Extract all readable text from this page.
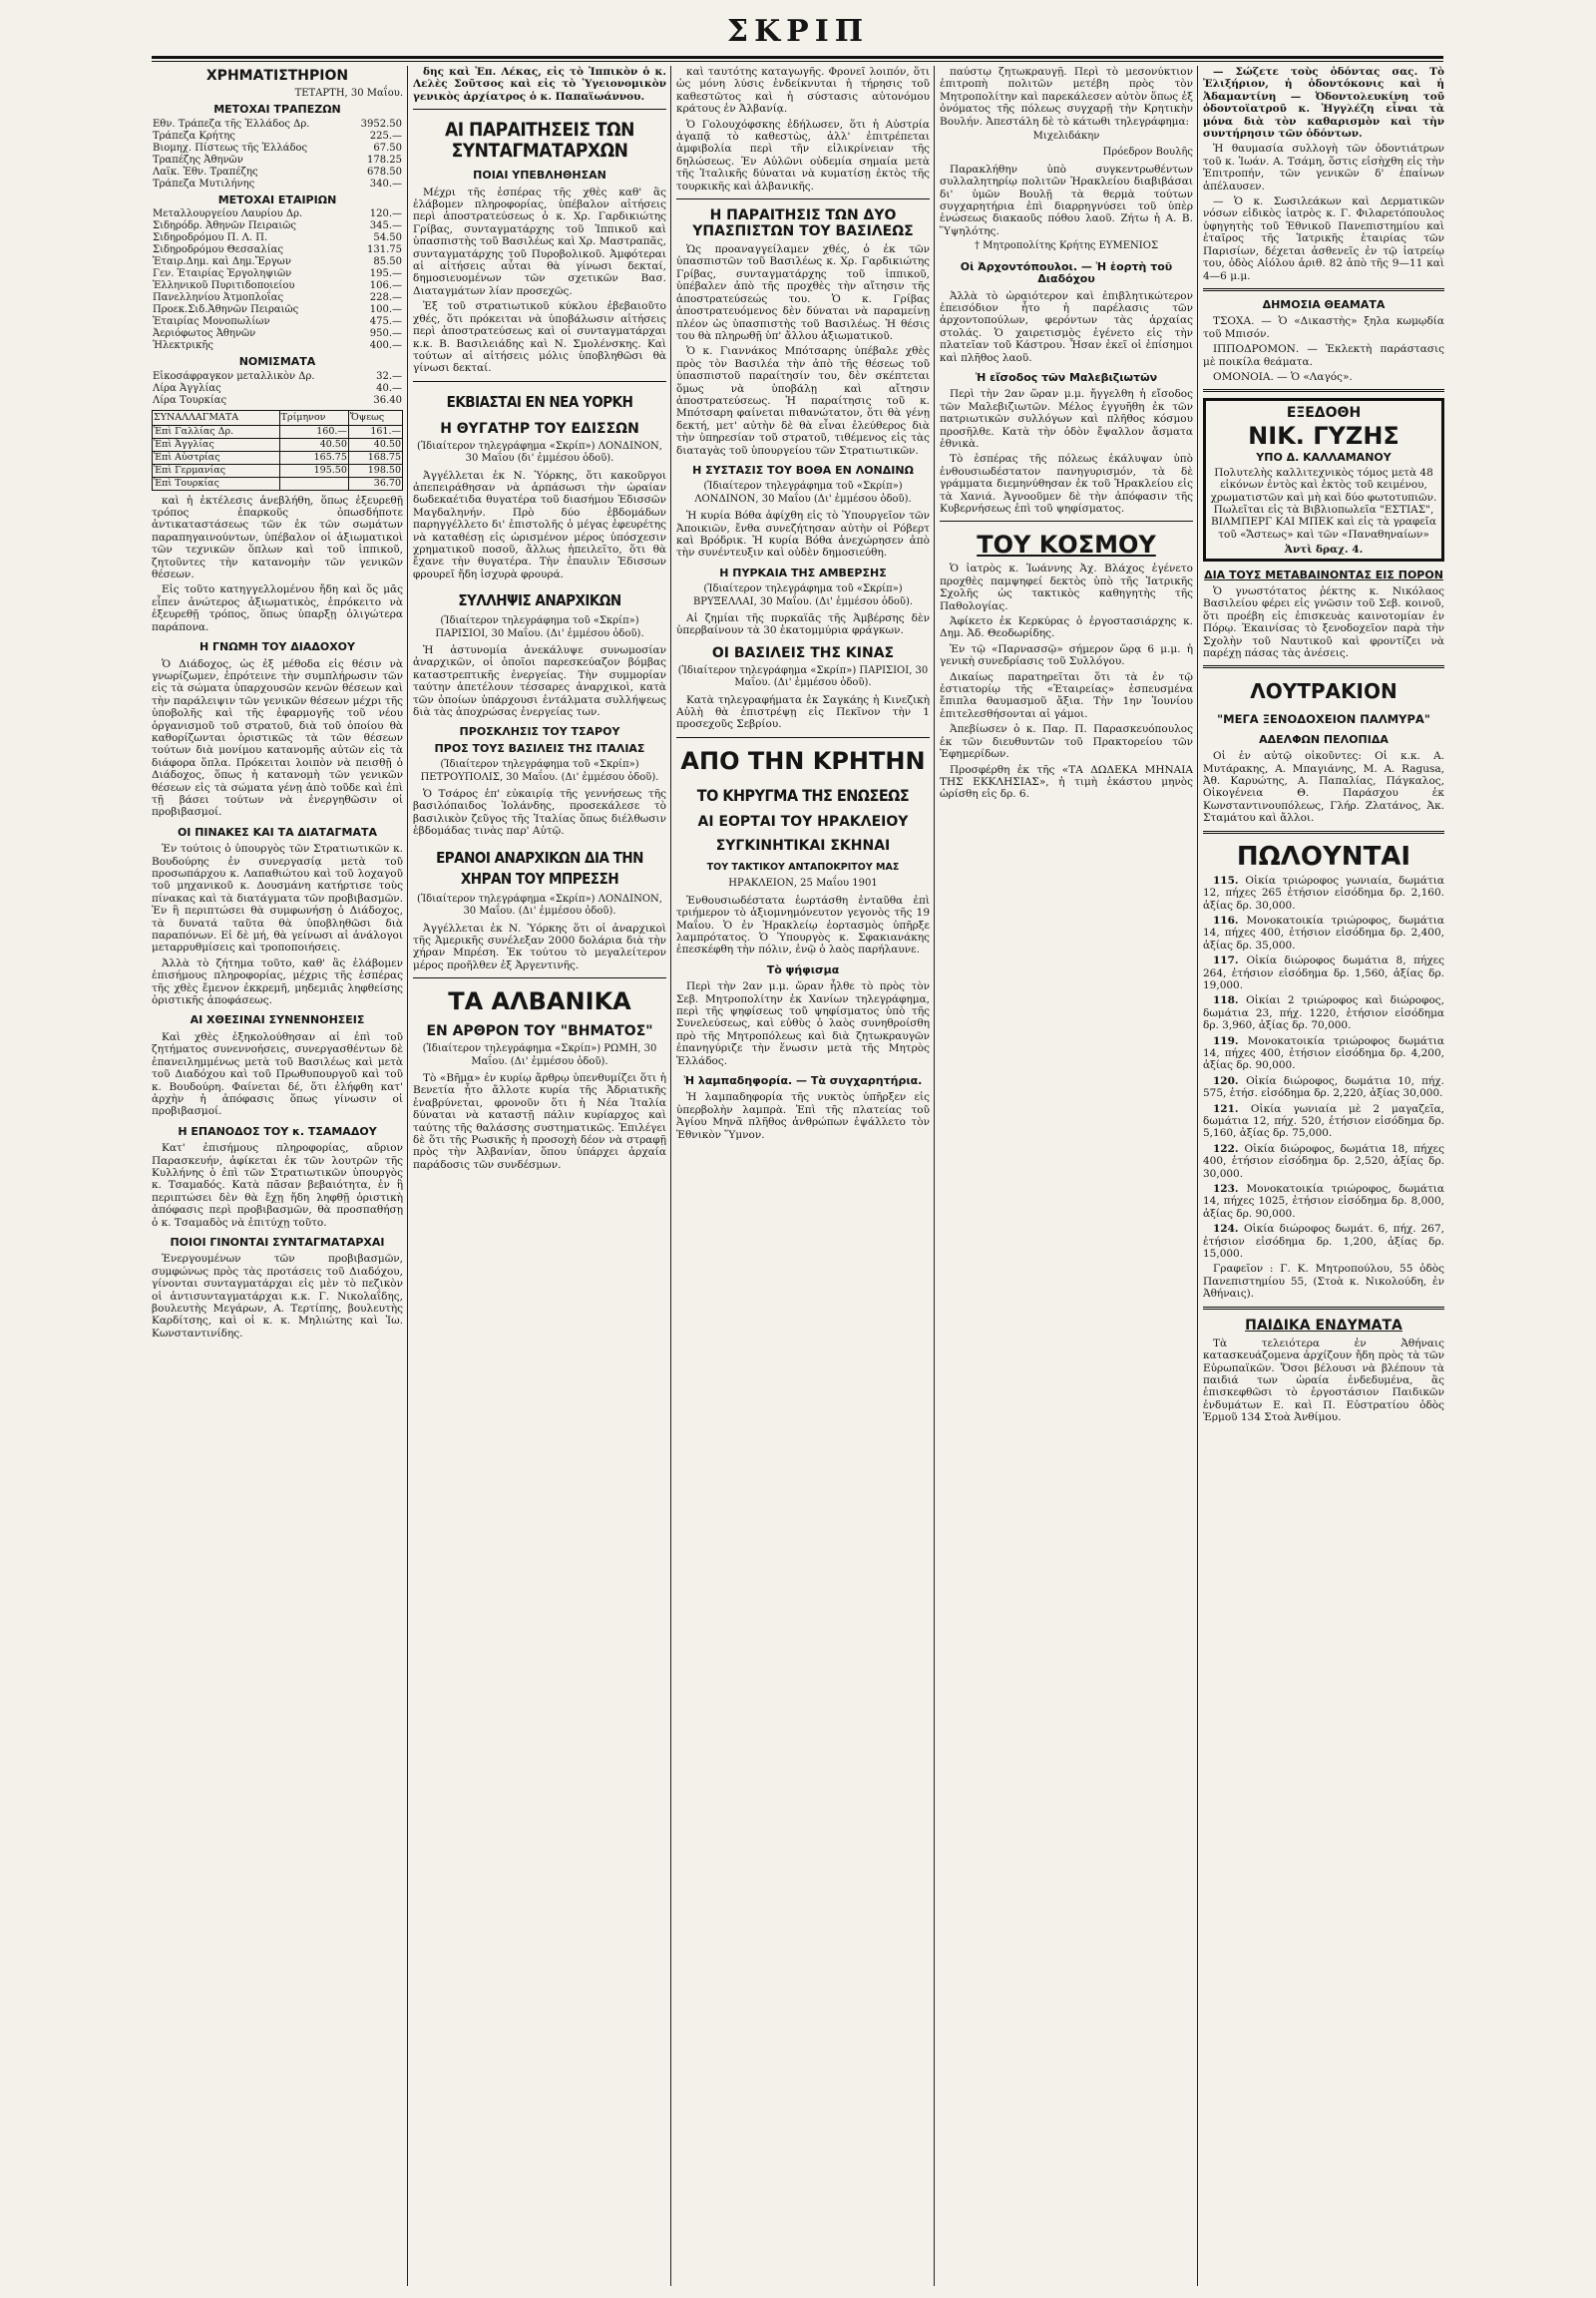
ΣΚΡΙΠ
ΧΡΗΜΑΤΙΣΤΗΡΙΟΝ
ΤΕΤΑΡΤΗ, 30 Μαΐου.
ΜΕΤΟΧΑΙ ΤΡΑΠΕΖΩΝ
Εθν. Τράπεζα τῆς Ἑλλάδος Δρ.	3952.50
Τράπεζα Κρήτης	225.—
Βιομηχ. Πίστεως τῆς Ἑλλάδος	67.50
Τραπέζης Ἀθηνῶν	178.25
Λαϊκ. Ἐθν. Τραπέζης	678.50
Τράπεζα Μυτιλήνης	340.—
ΜΕΤΟΧΑΙ ΕΤΑΙΡΙΩΝ
Μεταλλουργείου Λαυρίου Δρ.	120.—
Σιδηρόδρ. Ἀθηνῶν Πειραιῶς	345.—
Σιδηροδρόμου Π. Λ. Π.	54.50
Σιδηροδρόμου Θεσσαλίας	131.75
Ἑταιρ.Δημ. καὶ Δημ.Ἔργων	85.50
Γεν. Ἑταιρίας Ἐργοληψιῶν	195.—
Ἑλληνικοῦ Πυριτιδοποιείου	106.—
Πανελληνίου Ἀτμοπλοΐας	228.—
Προεκ.Σιδ.Ἀθηνῶν Πειραιῶς	100.—
Ἑταιρίας Μονοπωλίων	475.—
Ἀεριόφωτος Ἀθηνῶν	950.—
Ἠλεκτρικῆς	400.—
ΝΟΜΙΣΜΑΤΑ
Εἰκοσάφραγκον μεταλλικὸν Δρ.	32.—
Λίρα Ἀγγλίας	40.—
Λίρα Τουρκίας	36.40
ΣΥΝΑΛΛΑΓΜΑΤΑ	Τρίμηνον	Ὄψεως
Ἐπὶ Γαλλίας Δρ.	160.—	161.—
Ἐπὶ Ἀγγλίας	40.50	40.50
Ἐπὶ Αὐστρίας	165.75	168.75
Ἐπὶ Γερμανίας	195.50	198.50
Ἐπὶ Τουρκίας		36.70

καὶ ἡ ἐκτέλεσις ἀνεβλήθη, ὅπως ἐξευρεθῇ τρόπος ἐπαρκοῦς ὁπωσδήποτε ἀντικαταστάσεως τῶν ἐκ τῶν σωμάτων παραπηγαινούντων, ὑπέβαλον οἱ ἀξιωματικοὶ τῶν τεχνικῶν ὅπλων καὶ τοῦ ἱππικοῦ, ζητοῦντες τὴν κατανομὴν τῶν γενικῶν θέσεων.

Εἰς τοῦτο κατηγγελλομένου ἤδη καὶ ὅς μᾶς εἶπεν ἀνώτερος ἀξιωματικὸς, ἐπρόκειτο νὰ ἐξευρεθῇ τρόπος, ὅπως ὑπαρξῃ ὀλιγώτερα παράπονα.

Η ΓΝΩΜΗ ΤΟΥ ΔΙΑΔΟΧΟΥ

Ὁ Διάδοχος, ὡς ἐξ μέθοδα εἰς θέσιν νὰ γνωρίζωμεν, ἐπρότεινε τὴν συμπλήρωσιν τῶν εἰς τὰ σώματα ὑπαρχουσῶν κενῶν θέσεων καὶ τὴν παράλειψιν τῶν γενικῶν θέσεων μέχρι τῆς ὑποβολῆς καὶ τῆς ἐφαρμογῆς τοῦ νέου ὀργανισμοῦ τοῦ στρατοῦ, διὰ τοῦ ὁποίου θὰ καθορίζωνται ὁριστικῶς τὰ τῶν θέσεων τούτων διὰ μονίμου κατανομῆς αὐτῶν εἰς τὰ διάφορα ὅπλα. Πρόκειται λοιπὸν νὰ πεισθῇ ὁ Διάδοχος, ὅπως ἡ κατανομὴ τῶν γενικῶν θέσεων εἰς τὰ σώματα γένῃ ἀπὸ τοῦδε καὶ ἐπὶ τῇ βάσει τούτων νὰ ἐνεργηθῶσιν οἱ προβιβασμοί.

ΟΙ ΠΙΝΑΚΕΣ ΚΑΙ ΤΑ ΔΙΑΤΑΓΜΑΤΑ

Ἐν τούτοις ὁ ὑπουργὸς τῶν Στρατιωτικῶν κ. Βουδούρης ἐν συνεργασίᾳ μετὰ τοῦ προσωπάρχου κ. Λαπαθιώτου καὶ τοῦ λοχαγοῦ τοῦ μηχανικοῦ κ. Δουσμάνη κατήρτισε τοὺς πίνακας καὶ τὰ διατάγματα τῶν προβιβασμῶν. Ἐν ἣ περιπτώσει θὰ συμφωνήσῃ ὁ Διάδοχος, τὰ δυνατά ταῦτα θὰ ὑποβληθῶσι διὰ παραπόνων. Εἰ δὲ μή, θὰ γείνωσι αἱ ἀνάλογοι μεταρρυθμίσεις καὶ τροποποιήσεις.

Ἀλλὰ τὸ ζήτημα τοῦτο, καθ' ἃς ἐλάβομεν ἐπισήμους πληροφορίας, μέχρις τῆς ἑσπέρας τῆς χθὲς ἔμενον ἐκκρεμῆ, μηδεμιᾶς ληφθείσης ὁριστικῆς ἀποφάσεως.

ΑΙ ΧΘΕΣΙΝΑΙ ΣΥΝΕΝΝΟΗΣΕΙΣ

Καὶ χθὲς ἐξηκολούθησαν αἱ ἐπὶ τοῦ ζητήματος συνεννοήσεις, συνεργασθέντων δὲ ἐπανειλημμένως μετὰ τοῦ Βασιλέως καὶ μετὰ τοῦ Διαδόχου καὶ τοῦ Πρωθυπουργοῦ καὶ τοῦ κ. Βουδούρη. Φαίνεται δέ, ὅτι ἐλήφθη κατ' ἀρχὴν ἡ ἀπόφασις ὅπως γίνωσιν οἱ προβιβασμοί.

Η ΕΠΑΝΟΔΟΣ ΤΟΥ κ. ΤΣΑΜΑΔΟΥ

Κατ' ἐπισήμους πληροφορίας, αὔριον Παρασκευήν, ἀφίκεται ἐκ τῶν λουτρῶν τῆς Κυλλήνης ὁ ἐπὶ τῶν Στρατιωτικῶν ὑπουργὸς κ. Τσαμαδός. Κατὰ πᾶσαν βεβαιότητα, ἐν ἣ περιπτώσει δὲν θὰ ἔχῃ ἤδη ληφθῇ ὁριστικὴ ἀπόφασις περὶ προβιβασμῶν, θὰ προσπαθήσῃ ὁ κ. Τσαμαδὸς νὰ ἐπιτύχῃ τοῦτο.

ΠΟΙΟΙ ΓΙΝΟΝΤΑΙ ΣΥΝΤΑΓΜΑΤΑΡΧΑΙ

Ἐνεργουμένων τῶν προβιβασμῶν, συμφώνως πρὸς τὰς προτάσεις τοῦ Διαδόχου, γίνονται συνταγματάρχαι εἰς μὲν τὸ πεζικὸν οἱ ἀντισυνταγματάρχαι κ.κ. Γ. Νικολαΐδης, βουλευτὴς Μεγάρων, Α. Τερτίπης, βουλευτὴς Καρδίτσης, καὶ οἱ κ. κ. Μηλιώτης καὶ Ἰω. Κωνσταντινίδης.

δης καὶ Ἐπ. Λέκας, εἰς τὸ Ἱππικὸν ὁ κ. Λελὲς Σοῦτσος καὶ εἰς τὸ Ὑγειονομικὸν γενικὸς ἀρχίατρος ὁ κ. Παπαϊωάννου.

ΑΙ ΠΑΡΑΙΤΗΣΕΙΣ ΤΩΝ ΣΥΝΤΑΓΜΑΤΑΡΧΩΝ
ΠΟΙΑΙ ΥΠΕΒΛΗΘΗΣΑΝ

Μέχρι τῆς ἑσπέρας τῆς χθὲς καθ' ἃς ἐλάβομεν πληροφορίας, ὑπέβαλον αἰτήσεις περὶ ἀποστρατεύσεως ὁ κ. Χρ. Γαρδικιώτης Γρίβας, συνταγματάρχης τοῦ Ἱππικοῦ καὶ ὑπασπιστὴς τοῦ Βασιλέως καὶ Χρ. Μαστραπᾶς, συνταγματάρχης τοῦ Πυροβολικοῦ. Ἀμφότεραι αἱ αἰτήσεις αὗται θὰ γίνωσι δεκταί, δημοσιευομένων τῶν σχετικῶν Βασ. Διαταγμάτων λίαν προσεχῶς.

Ἐξ τοῦ στρατιωτικοῦ κύκλου ἐβεβαιοῦτο χθές, ὅτι πρόκειται νὰ ὑποβάλωσιν αἰτήσεις περὶ ἀποστρατεύσεως καὶ οἱ συνταγματάρχαι κ.κ. Β. Βασιλειάδης καὶ Ν. Σμολένσκης. Καὶ τούτων αἱ αἰτήσεις μόλις ὑποβληθῶσι θὰ γίνωσι δεκταί.

ΕΚΒΙΑΣΤΑΙ ΕΝ ΝΕΑ ΥΟΡΚΗ
Η ΘΥΓΑΤΗΡ ΤΟΥ ΕΔΙΣΣΩΝ
(Ἰδιαίτερον τηλεγράφημα «Σκρίπ») ΛΟΝΔΙΝΟΝ, 30 Μαΐου (δι' ἐμμέσου ὁδοῦ).

Ἀγγέλλεται ἐκ Ν. Ὑόρκης, ὅτι κακοῦργοι ἀπεπειράθησαν νὰ ἁρπάσωσι τὴν ὡραίαν δωδεκαέτιδα θυγατέρα τοῦ διασήμου Ἐδισσῶν Μαγδαληνήν. Πρὸ δύο ἑβδομάδων παρηγγέλλετο δι' ἐπιστολῆς ὁ μέγας ἐφευρέτης νὰ καταθέσῃ εἰς ὡρισμένον μέρος ὑπόσχεσιν χρηματικοῦ ποσοῦ, ἄλλως ἠπειλεῖτο, ὅτι θὰ ἔχανε τὴν θυγατέρα. Τὴν ἐπαυλιν Ἐδισσων φρουρεῖ ἤδη ἰσχυρὰ φρουρά.

ΣΥΛΛΗΨΙΣ ΑΝΑΡΧΙΚΩΝ
(Ἰδιαίτερον τηλεγράφημα τοῦ «Σκρίπ») ΠΑΡΙΣΙΟΙ, 30 Μαΐου. (Δι' ἐμμέσου ὁδοῦ).

Ἡ ἀστυνομία ἀνεκάλυψε συνωμοσίαν ἀναρχικῶν, οἱ ὁποῖοι παρεσκεύαζον βόμβας καταστρεπτικῆς ἐνεργείας. Τὴν συμμορίαν ταύτην ἀπετέλουν τέσσαρες ἀναρχικοὶ, κατὰ τῶν ὁποίων ὑπάρχουσι ἐντάλματα συλλήψεως διὰ τὰς ἀποχρώσας ἐνεργείας των.

ΠΡΟΣΚΛΗΣΙΣ ΤΟΥ ΤΣΑΡΟΥ
ΠΡΟΣ ΤΟΥΣ ΒΑΣΙΛΕΙΣ ΤΗΣ ΙΤΑΛΙΑΣ
(Ἰδιαίτερον τηλεγράφημα τοῦ «Σκρίπ») ΠΕΤΡΟΥΠΟΛΙΣ, 30 Μαΐου. (Δι' ἐμμέσου ὁδοῦ).

Ὁ Τσάρος ἐπ' εὐκαιρίᾳ τῆς γεννήσεως τῆς βασιλόπαιδος Ἰολάνδης, προσεκάλεσε τὸ βασιλικὸν ζεῦγος τῆς Ἰταλίας ὅπως διέλθωσιν ἑβδομάδας τινὰς παρ' Αὐτῷ.

ΕΡΑΝΟΙ ΑΝΑΡΧΙΚΩΝ ΔΙΑ ΤΗΝ ΧΗΡΑΝ ΤΟΥ ΜΠΡΕΣΣΗ
(Ἰδιαίτερον τηλεγράφημα «Σκρίπ») ΛΟΝΔΙΝΟΝ, 30 Μαΐου. (Δι' ἐμμέσου ὁδοῦ).

Ἀγγέλλεται ἐκ Ν. Ὑόρκης ὅτι οἱ ἀναρχικοὶ τῆς Ἀμερικῆς συνέλεξαν 2000 δολάρια διὰ τὴν χήραν Μπρέση. Ἐκ τούτου τὸ μεγαλείτερον μέρος προῆλθεν ἐξ Ἀργεντινῆς.

ΤΑ ΑΛΒΑΝΙΚΑ
ΕΝ ΑΡΘΡΟΝ ΤΟΥ "ΒΗΜΑΤΟΣ"
(Ἰδιαίτερον τηλεγράφημα «Σκρίπ») ΡΩΜΗ, 30 Μαΐου. (Δι' ἐμμέσου ὁδοῦ).

Τὸ «Βῆμα» ἐν κυρίῳ ἄρθρῳ ὑπενθυμίζει ὅτι ἡ Βενετία ἦτο ἄλλοτε κυρία τῆς Ἀδριατικῆς ἐναβρύνεται, φρονοῦν ὅτι ἡ Νέα Ἰταλία δύναται νὰ καταστῇ πάλιν κυρίαρχος καὶ ταύτης τῆς θαλάσσης συστηματικῶς. Ἐπιλέγει δὲ ὅτι τῆς Ρωσικῆς ἡ προσοχὴ δέον νὰ στραφῇ πρὸς τὴν Ἀλβανίαν, ὅπου ὑπάρχει ἀρχαία παράδοσις τῶν συνδέσμων.

καὶ ταυτότης καταγωγῆς. Φρονεῖ λοιπόν, ὅτι ὡς μόνη λύσις ἐνδείκνυται ἡ τήρησις τοῦ καθεστῶτος καὶ ἡ σύστασις αὐτονόμου κράτους ἐν Ἀλβανίᾳ.

Ὁ Γολουχόφσκης ἐδήλωσεν, ὅτι ἡ Αὐστρία ἀγαπᾷ τὸ καθεστὼς, ἀλλ' ἐπιτρέπεται ἀμφιβολία περὶ τῆν εἰλικρίνειαν τῆς δηλώσεως. Ἐν Αὐλῶνι οὐδεμία σημαία μετὰ τῆς Ἰταλικῆς δύναται νὰ κυματίσῃ ἐκτὸς τῆς τουρκικῆς καὶ ἀλβανικῆς.

Η ΠΑΡΑΙΤΗΣΙΣ ΤΩΝ ΔΥΟ ΥΠΑΣΠΙΣΤΩΝ ΤΟΥ ΒΑΣΙΛΕΩΣ

Ὡς προαναγγείλαμεν χθές, ὁ ἐκ τῶν ὑπασπιστῶν τοῦ Βασιλέως κ. Χρ. Γαρδικιώτης Γρίβας, συνταγματάρχης τοῦ ἱππικοῦ, ὑπέβαλεν ἀπὸ τῆς προχθὲς τὴν αἴτησιν τῆς ἀποστρατεύσεώς του. Ὁ κ. Γρίβας ἀποστρατευόμενος δὲν δύναται νὰ παραμείνῃ πλέον ὡς ὑπασπιστὴς τοῦ Βασιλέως. Ἡ θέσις του θὰ πληρωθῇ ὑπ' ἄλλου ἀξιωματικοῦ.

Ὁ κ. Γιαννάκος Μπότσαρης ὑπέβαλε χθὲς πρὸς τὸν Βασιλέα τὴν ἀπὸ τῆς θέσεως τοῦ ὑπασπιστοῦ παραίτησίν του, δὲν σκέπτεται ὅμως νὰ ὑποβάλῃ καὶ αἴτησιν ἀποστρατεύσεως. Ἡ παραίτησις τοῦ κ. Μπότσαρη φαίνεται πιθανώτατον, ὅτι θὰ γένῃ δεκτή, μετ' αὐτὴν δὲ θὰ εἶναι ἐλεύθερος διὰ τὴν ὑπηρεσίαν τοῦ στρατοῦ, τιθέμενος εἰς τὰς διαταγὰς τοῦ ὑπουργείου τῶν Στρατιωτικῶν.

Η ΣΥΣΤΑΣΙΣ ΤΟΥ ΒΟΘΑ ΕΝ ΛΟΝΔΙΝΩ
(Ἰδιαίτερον τηλεγράφημα τοῦ «Σκρίπ») ΛΟΝΔΙΝΟΝ, 30 Μαΐου (Δι' ἐμμέσου ὁδοῦ).

Ἡ κυρία Βόθα ἀφίχθη εἰς τὸ Ὑπουργεῖον τῶν Ἀποικιῶν, ἔνθα συνεζήτησαν αὐτὴν οἱ Ρόβερτ καὶ Βρόδρικ. Ἡ κυρία Βόθα ἀνεχώρησεν ἀπὸ τὴν συνέντευξιν καὶ οὐδὲν δημοσιεύθη.

Η ΠΥΡΚΑΙΑ ΤΗΣ ΑΜΒΕΡΣΗΣ
(Ἰδιαίτερον τηλεγράφημα τοῦ «Σκρίπ») ΒΡΥΞΕΛΛΑΙ, 30 Μαΐου. (Δι' ἐμμέσου ὁδοῦ).

Αἱ ζημίαι τῆς πυρκαϊᾶς τῆς Ἀμβέρσης δὲν ὑπερβαίνουν τὰ 30 ἑκατομμύρια φράγκων.

ΟΙ ΒΑΣΙΛΕΙΣ ΤΗΣ ΚΙΝΑΣ
(Ἰδιαίτερον τηλεγράφημα «Σκρίπ») ΠΑΡΙΣΙΟΙ, 30 Μαΐου. (Δι' ἐμμέσου ὁδοῦ).

Κατὰ τηλεγραφήματα ἐκ Σαγκάης ἡ Κινεζικὴ Αὐλὴ θὰ ἐπιστρέψῃ εἰς Πεκῖνον τὴν 1 προσεχοῦς Σεβρίου.

ΑΠΟ ΤΗΝ ΚΡΗΤΗΝ
ΤΟ ΚΗΡΥΓΜΑ ΤΗΣ ΕΝΩΣΕΩΣ
ΑΙ ΕΟΡΤΑΙ ΤΟΥ ΗΡΑΚΛΕΙΟΥ
ΣΥΓΚΙΝΗΤΙΚΑΙ ΣΚΗΝΑΙ
ΤΟΥ ΤΑΚΤΙΚΟΥ ΑΝΤΑΠΟΚΡΙΤΟΥ ΜΑΣ
ΗΡΑΚΛΕΙΟΝ, 25 Μαΐου 1901

Ἐνθουσιωδέστατα ἑωρτάσθη ἐνταῦθα ἐπὶ τριήμερον τὸ ἀξιομνημόνευτον γεγονὸς τῆς 19 Μαΐου. Ὁ ἐν Ἡρακλείῳ ἐορτασμὸς ὑπῆρξε λαμπρότατος. Ὁ Ὑπουργὸς κ. Σφακιανάκης ἐπεσκέφθη τὴν πόλιν, ἐνῷ ὁ λαὸς παρήλαυνε.

Τὸ ψήφισμα

Περὶ τὴν 2αν μ.μ. ὥραν ἦλθε τὸ πρὸς τὸν Σεβ. Μητροπολίτην ἐκ Χανίων τηλεγράφημα, περὶ τῆς ψηφίσεως τοῦ ψηφίσματος ὑπὸ τῆς Συνελεύσεως, καὶ εὐθὺς ὁ λαὸς συνηθροίσθη πρὸ τῆς Μητροπόλεως καὶ διὰ ζητωκραυγῶν ἐπανηγύριζε τὴν ἕνωσιν μετὰ τῆς Μητρὸς Ἑλλάδος.

Ἡ λαμπαδηφορία. — Τὰ συγχαρητήρια.

Ἡ λαμπαδηφορία τῆς νυκτὸς ὑπῆρξεν εἰς ὑπερβολὴν λαμπρὰ. Ἐπὶ τῆς πλατείας τοῦ Ἁγίου Μηνᾶ πλῆθος ἀνθρώπων ἐψάλλετο τὸν Ἐθνικὸν Ὕμνον.

παύστῳ ζητωκραυγῇ. Περὶ τὸ μεσονύκτιον ἐπιτροπὴ πολιτῶν μετέβη πρὸς τὸν Μητροπολίτην καὶ παρεκάλεσεν αὐτὸν ὅπως ἐξ ὀνόματος τῆς πόλεως συγχαρῇ τὴν Κρητικὴν Βουλήν. Ἀπεστάλη δὲ τὸ κάτωθι τηλεγράφημα:

Μιχελιδάκην
Πρόεδρον Βουλῆς

Παρακλήθην ὑπὸ συγκεντρωθέντων συλλαλητηρίῳ πολιτῶν Ἡρακλείου διαβιβάσαι δι' ὑμῶν Βουλῇ τὰ θερμὰ τούτων συγχαρητήρια ἐπὶ διαρρηγνύσει τοῦ ὑπὲρ ἑνώσεως διακαοῦς πόθου λαοῦ. Ζήτω ἡ Α. Β. Ὕψηλότης.

† Μητροπολίτης Κρήτης ΕΥΜΕΝΙΟΣ
Οἱ Ἀρχοντόπουλοι. — Ἡ ἑορτὴ τοῦ Διαδόχου

Ἀλλὰ τὸ ὡραιότερον καὶ ἐπιβλητικώτερον ἐπεισόδιον ἦτο ἡ παρέλασις τῶν ἀρχοντοπούλων, φερόντων τὰς ἀρχαίας στολάς. Ὁ χαιρετισμὸς ἐγένετο εἰς τὴν πλατεῖαν τοῦ Κάστρου. Ἦσαν ἐκεῖ οἱ ἐπίσημοι καὶ πλῆθος λαοῦ.

Ἡ εἴσοδος τῶν Μαλεβιζιωτῶν

Περὶ τὴν 2αν ὥραν μ.μ. ἤγγελθη ἡ εἴσοδος τῶν Μαλεβιζιωτῶν. Μέλος ἐγγυῆθη ἐκ τῶν πατριωτικῶν συλλόγων καὶ πλῆθος κόσμου προσῆλθε. Κατὰ τὴν ὀδὸν ἔψαλλον ἄσματα ἐθνικὰ.

Τὸ ἑσπέρας τῆς πόλεως ἐκάλυψαν ὑπὸ ἐνθουσιωδέστατον πανηγυρισμόν, τὰ δὲ γράμματα διεμηνύθησαν ἐκ τοῦ Ἡρακλείου εἰς τὰ Χανιά. Ἀγνοοῦμεν δὲ τὴν ἀπόφασιν τῆς Κυβερνήσεως ἐπὶ τοῦ ψηφίσματος.

ΤΟΥ ΚΟΣΜΟΥ

Ὁ ἰατρὸς κ. Ἰωάννης Ἀχ. Βλάχος ἐγένετο προχθὲς παμψηφεί δεκτὸς ὑπὸ τῆς Ἰατρικῆς Σχολῆς ὡς τακτικὸς καθηγητὴς τῆς Παθολογίας.

Ἀφίκετο ἐκ Κερκύρας ὁ ἐργοστασιάρχης κ. Δημ. Ἀδ. Θεοδωρίδης.

Ἐν τῷ «Παρνασσῷ» σήμερον ὥρᾳ 6 μ.μ. ἡ γενικὴ συνεδρίασις τοῦ Συλλόγου.

Δικαίως παρατηρεῖται ὅτι τὰ ἐν τῷ ἐστιατορίῳ τῆς «Ἑταιρείας» ἐσπευσμένα ἔπιπλα θαυμασμοῦ ἄξια. Τὴν 1ην Ἰουνίου ἐπιτελεσθήσονται αἱ γάμοι.

Ἀπεβίωσεν ὁ κ. Παρ. Π. Παρασκευόπουλος ἐκ τῶν διευθυντῶν τοῦ Πρακτορείου τῶν Ἐφημερίδων.

Προσφέρθη ἐκ τῆς «ΤΑ ΔΩΔΕΚΑ ΜΗΝΑΙΑ ΤΗΣ ΕΚΚΛΗΣΙΑΣ», ἡ τιμὴ ἑκάστου μηνὸς ὡρίσθη εἰς δρ. 6.

— Σώζετε τοὺς ὀδόντας σας. Τὸ Ἐλιξήριον, ἡ ὀδοντόκονις καὶ ἡ Ἀδαμαντίνη — Ὀδοντολευκίνη τοῦ ὀδοντοϊατροῦ κ. Ἠγγλέζη εἶναι τὰ μόνα διὰ τὸν καθαρισμὸν καὶ τὴν συντήρησιν τῶν ὀδόντων.

Ἡ θαυμασία συλλογὴ τῶν ὀδοντιάτρων τοῦ κ. Ἰωάν. Α. Τσάμη, ὅστις εἰσὴχθη εἰς τὴν Ἐπιτροπήν, τῶν γενικῶν δ' ἐπαίνων ἀπέλαυσεν.

— Ὁ κ. Σωσιλεάκων καὶ Δερματικῶν νόσων εἰδικὸς ἰατρὸς κ. Γ. Φιλαρετόπουλος ὑφηγητὴς τοῦ Ἐθνικοῦ Πανεπιστημίου καὶ ἑταῖρος τῆς Ἰατρικῆς ἑταιρίας τῶν Παρισίων, δέχεται ἀσθενεῖς ἐν τῷ ἰατρείῳ του, ὁδὸς Αἰόλου ἀριθ. 82 ἀπὸ τῆς 9—11 καὶ 4—6 μ.μ.

ΔΗΜΟΣΙΑ ΘΕΑΜΑΤΑ

ΤΣΟΧΑ. — Ὁ «Δικαστὴς» ξηλα κωμῳδία τοῦ Μπισόν.

ΙΠΠΟΔΡΟΜΟΝ. — Ἐκλεκτὴ παράστασις μὲ ποικίλα θεάματα.

ΟΜΟΝΟΙΑ. — Ὁ «Λαγός».

ΕΞΕΔΟΘΗ
ΝΙΚ. ΓΥΖΗΣ
ΥΠΟ Δ. ΚΑΛΛΑΜΑΝΟΥ

Πολυτελὴς καλλιτεχνικὸς τόμος μετὰ 48 εἰκόνων ἐντὸς καὶ ἐκτὸς τοῦ κειμένου, χρωματιστῶν καὶ μὴ καὶ δύο φωτοτυπιῶν. Πωλεῖται εἰς τὰ Βιβλιοπωλεῖα "ΕΣΤΙΑΣ", ΒΙΛΜΠΕΡΓ ΚΑΙ ΜΠΕΚ καὶ εἰς τὰ γραφεῖα τοῦ «Ἄστεως» καὶ τῶν «Παναθηναίων»

Ἀντὶ δραχ. 4.
ΔΙΑ ΤΟΥΣ ΜΕΤΑΒΑΙΝΟΝΤΑΣ ΕΙΣ ΠΟΡΟΝ

Ὁ γνωστότατος ῥέκτης κ. Νικόλαος Βασιλείου φέρει εἰς γνῶσιν τοῦ Σεβ. κοινοῦ, ὅτι προέβη εἰς ἐπισκευὰς καινοτομίαν ἐν Πόρῳ. Ἐκαινίσας τὸ ξενοδοχεῖον παρὰ τὴν Σχολὴν τοῦ Ναυτικοῦ καὶ φροντίζει νὰ παρέχῃ πάσας τὰς ἀνέσεις.

ΛΟΥΤΡΑΚΙΟΝ
"ΜΕΓΑ ΞΕΝΟΔΟΧΕΙΟΝ ΠΑΛΜΥΡΑ"
ΑΔΕΛΦΩΝ ΠΕΛΟΠΙΔΑ

Οἱ ἐν αὐτῷ οἰκοῦντες: Οἱ κ.κ. Α. Μυτάρακης, Α. Μπαγιάνης, Μ. Α. Ragusa, Ἀθ. Καρυώτης, Α. Παπαλίας, Πάγκαλος, Οἰκογένεια Θ. Παράσχου ἐκ Κωνσταντινουπόλεως, Γλήρ. Ζλατάνος, Ἀκ. Σταμάτου καὶ ἄλλοι.

ΠΩΛΟΥΝΤΑΙ

115. Οἰκία τριώροφος γωνιαία, δωμάτια 12, πήχες 265 ἐτήσιον εἰσόδημα δρ. 2,160. ἀξίας δρ. 30,000.

116. Μονοκατοικία τριώροφος, δωμάτια 14, πήχες 400, ἐτήσιον εἰσόδημα δρ. 2,400, ἀξίας δρ. 35,000.

117. Οἰκία διώροφος δωμάτια 8, πήχες 264, ἐτήσιον εἰσόδημα δρ. 1,560, ἀξίας δρ. 19,000.

118. Οἰκίαι 2 τριώροφος καὶ διώροφος, δωμάτια 23, πήχ. 1220, ἐτήσιον εἰσόδημα δρ. 3,960, ἀξίας δρ. 70,000.

119. Μονοκατοικία τριώροφος δωμάτια 14, πήχες 400, ἐτήσιον εἰσόδημα δρ. 4,200, ἀξίας δρ. 90,000.

120. Οἰκία διώροφος, δωμάτια 10, πήχ. 575, ἐτήσ. εἰσόδημα δρ. 2,220, ἀξίας 30,000.

121. Οἰκία γωνιαία μὲ 2 μαγαζεῖα, δωμάτια 12, πήχ. 520, ἐτήσιον εἰσόδημα δρ. 5,160, ἀξίας δρ. 75,000.

122. Οἰκία διώροφος, δωμάτια 18, πήχες 400, ἐτήσιον εἰσόδημα δρ. 2,520, ἀξίας δρ. 30,000.

123. Μονοκατοικία τριώροφος, δωμάτια 14, πήχες 1025, ἐτήσιον εἰσόδημα δρ. 8,000, ἀξίας δρ. 90,000.

124. Οἰκία διώροφος δωμάτ. 6, πήχ. 267, ἐτήσιον εἰσόδημα δρ. 1,200, ἀξίας δρ. 15,000.

Γραφεῖον : Γ. Κ. Μητροπούλου, 55 ὁδὸς Πανεπιστημίου 55, (Στοὰ κ. Νικολούδη, ἐν Ἀθήναις).

ΠΑΙΔΙΚΑ ΕΝΔΥΜΑΤΑ

Τὰ τελειότερα ἐν Ἀθήναις κατασκευάζομενα ἀρχίζουν ἤδη πρὸς τὰ τῶν Εὐρωπαϊκῶν. Ὅσοι βέλουσι νὰ βλέπουν τὰ παιδιά των ὡραία ἐνδεδυμένα, ἂς ἐπισκεφθῶσι τὸ ἐργοστάσιον Παιδικῶν ἐνδυμάτων Ε. καὶ Π. Εὐστρατίου ὁδὸς Ἑρμοῦ 134 Στοὰ Ἀνθίμου.
